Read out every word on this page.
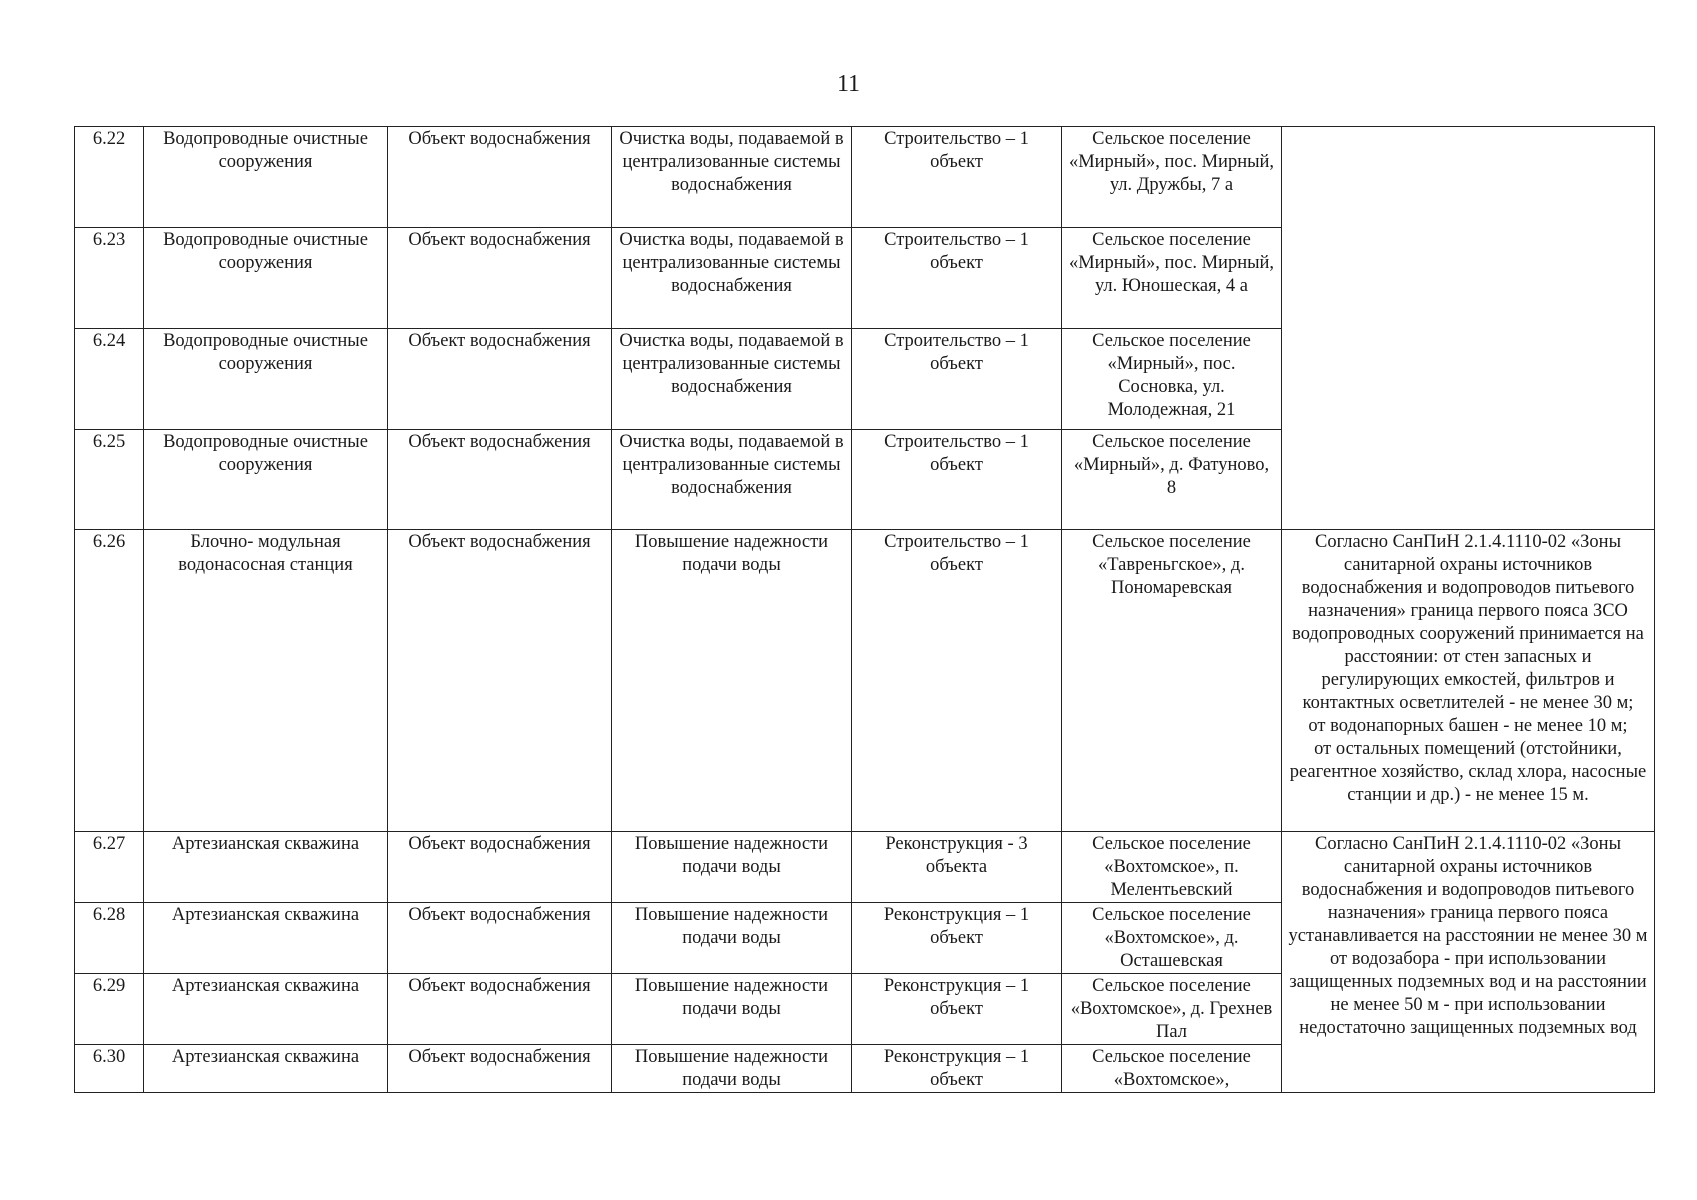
11
6.22	Водопроводные очистные сооружения	Объект водоснабжения	Очистка воды, подаваемой в централизованные системы водоснабжения	Строительство – 1 объект	Сельское поселение «Мирный», пос. Мирный, ул. Дружбы, 7 а	
6.23	Водопроводные очистные сооружения	Объект водоснабжения	Очистка воды, подаваемой в централизованные системы водоснабжения	Строительство – 1 объект	Сельское поселение «Мирный», пос. Мирный, ул. Юношеская, 4 а	
6.24	Водопроводные очистные сооружения	Объект водоснабжения	Очистка воды, подаваемой в централизованные системы водоснабжения	Строительство – 1 объект	Сельское поселение «Мирный», пос. Сосновка, ул. Молодежная, 21	
6.25	Водопроводные очистные сооружения	Объект водоснабжения	Очистка воды, подаваемой в централизованные системы водоснабжения	Строительство – 1 объект	Сельское поселение «Мирный», д. Фатуново, 8	
6.26	Блочно- модульная водонасосная станция	Объект водоснабжения	Повышение надежности подачи воды	Строительство – 1 объект	Сельское поселение «Тавреньгское», д. Пономаревская	Согласно СанПиН 2.1.4.1110-02 «Зоны санитарной охраны источников водоснабжения и водопроводов питьевого назначения» граница первого пояса ЗСО водопроводных сооружений принимается на расстоянии: от стен запасных и регулирующих емкостей, фильтров и контактных осветлителей - не менее 30 м;
от водонапорных башен - не менее 10 м;
от остальных помещений (отстойники, реагентное хозяйство, склад хлора, насосные станции и др.) - не менее 15 м.
6.27	Артезианская скважина	Объект водоснабжения	Повышение надежности подачи воды	Реконструкция - 3 объекта	Сельское поселение «Вохтомское», п. Мелентьевский	Согласно СанПиН 2.1.4.1110-02 «Зоны санитарной охраны источников водоснабжения и водопроводов питьевого назначения» граница первого пояса устанавливается на расстоянии не менее 30 м от водозабора - при использовании защищенных подземных вод и на расстоянии не менее 50 м - при использовании недостаточно защищенных подземных вод
6.28	Артезианская скважина	Объект водоснабжения	Повышение надежности подачи воды	Реконструкция – 1 объект	Сельское поселение «Вохтомское», д. Осташевская	
6.29	Артезианская скважина	Объект водоснабжения	Повышение надежности подачи воды	Реконструкция – 1 объект	Сельское поселение «Вохтомское», д. Грехнев Пал	
6.30	Артезианская скважина	Объект водоснабжения	Повышение надежности подачи воды	Реконструкция – 1 объект	Сельское поселение «Вохтомское»,	
